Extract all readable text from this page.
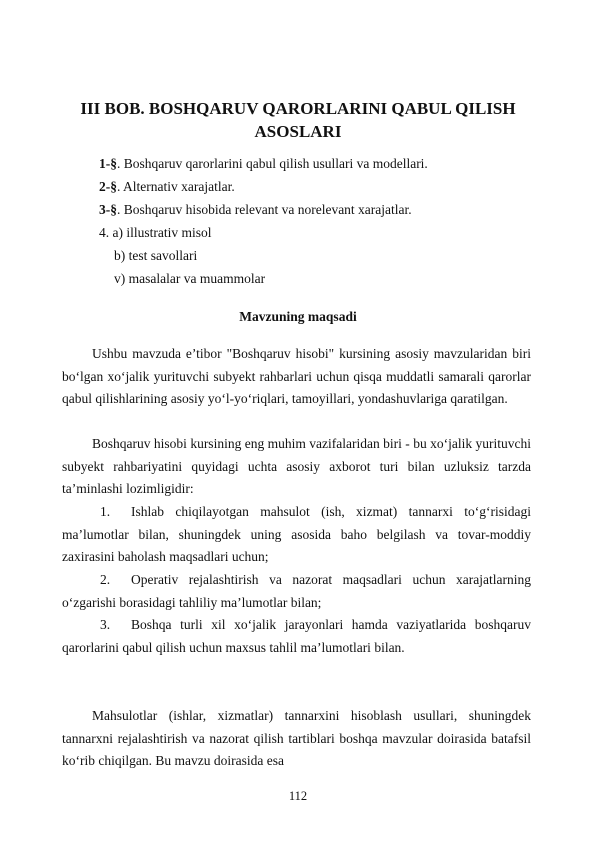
III BOB. BOSHQARUV QARORLARINI QABUL QILISH ASOSLARI
1-§. Boshqaruv qarorlarini qabul qilish usullari va modellari.
2-§. Alternativ xarajatlar.
3-§. Boshqaruv hisobida relevant va norelevant xarajatlar.
4. a) illustrativ misol
b) test savollari
v) masalalar va muammolar
Mavzuning maqsadi

Ushbu mavzuda e’tibor "Boshqaruv hisobi" kursining asosiy mavzularidan biri bo‘lgan xo‘jalik yurituvchi subyekt rahbarlari uchun qisqa muddatli samarali qarorlar qabul qilishlarining asosiy yo‘l-yo‘riqlari, tamoyillari, yondashuvlariga qaratilgan.

Boshqaruv hisobi kursining eng muhim vazifalaridan biri - bu xo‘jalik yurituvchi subyekt rahbariyatini quyidagi uchta asosiy axborot turi bilan uzluksiz tarzda ta’minlashi lozimligidir:

1. Ishlab chiqilayotgan mahsulot (ish, xizmat) tannarxi to‘g‘risidagi ma’lumotlar bilan, shuningdek uning asosida baho belgilash va tovar-moddiy zaxirasini baholash maqsadlari uchun;

2. Operativ rejalashtirish va nazorat maqsadlari uchun xarajatlarning o‘zgarishi borasidagi tahliliy ma’lumotlar bilan;

3. Boshqa turli xil xo‘jalik jarayonlari hamda vaziyatlarida boshqaruv qarorlarini qabul qilish uchun maxsus tahlil ma’lumotlari bilan.

Mahsulotlar (ishlar, xizmatlar) tannarxini hisoblash usullari, shuningdek tannarxni rejalashtirish va nazorat qilish tartiblari boshqa mavzular doirasida batafsil ko‘rib chiqilgan. Bu mavzu doirasida esa

112
